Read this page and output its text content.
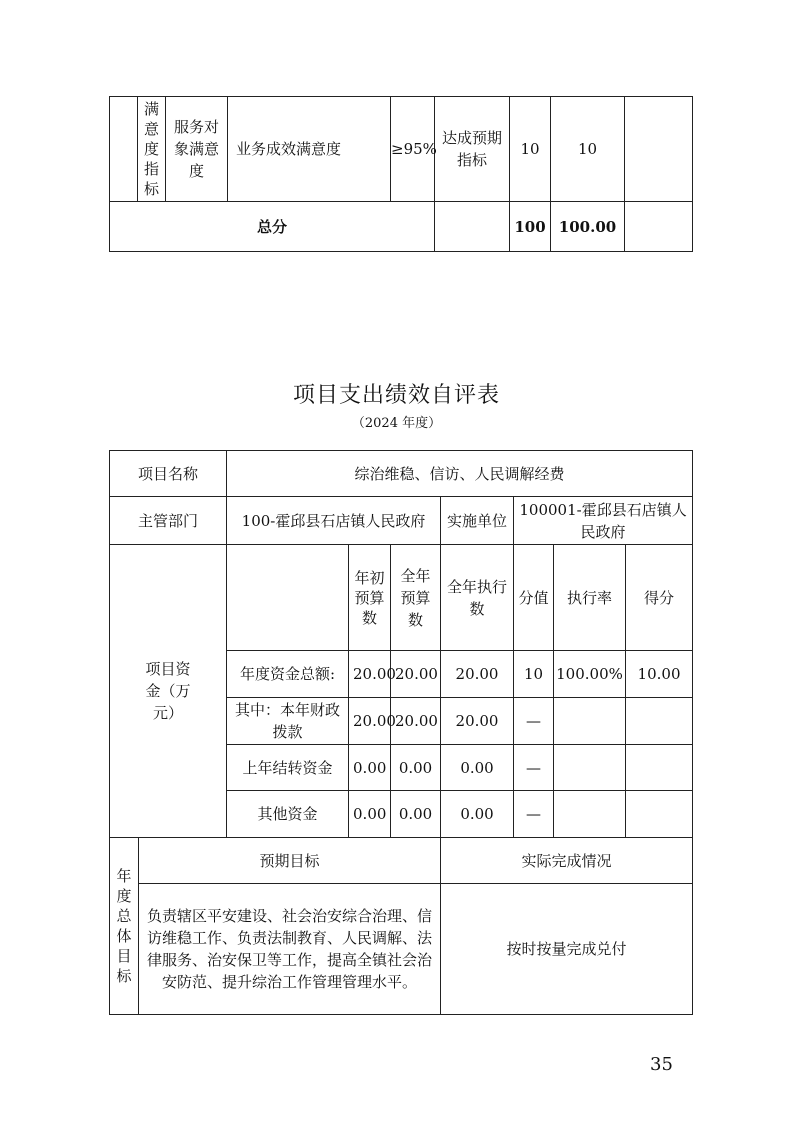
	满意度指标	服务对象满意度	业务成效满意度	≥95%	达成预期指标	10	10	
总分						100	100.00	
项目支出绩效自评表
（2024 年度）
项目名称		综治维稳、信访、人民调解经费						
主管部门		100-霍邱县石店镇人民政府			实施单位	100001-霍邱县石店镇人民政府		
项目资金（万元）			年初预算数	全年预算数	全年执行数	分值	执行率	得分
		年度资金总额:	20.00	20.00	20.00	10	100.00%	10.00
		其中：本年财政拨款	20.00	20.00	20.00	—		
		上年结转资金	0.00	0.00	0.00	—		
		其他资金	0.00	0.00	0.00	—		
年度总体目标	预期目标				实际完成情况			
	负责辖区平安建设、社会治安综合治理、信访维稳工作、负责法制教育、人民调解、法律服务、治安保卫等工作，提高全镇社会治安防范、提升综治工作管理管理水平。				按时按量完成兑付			
35
